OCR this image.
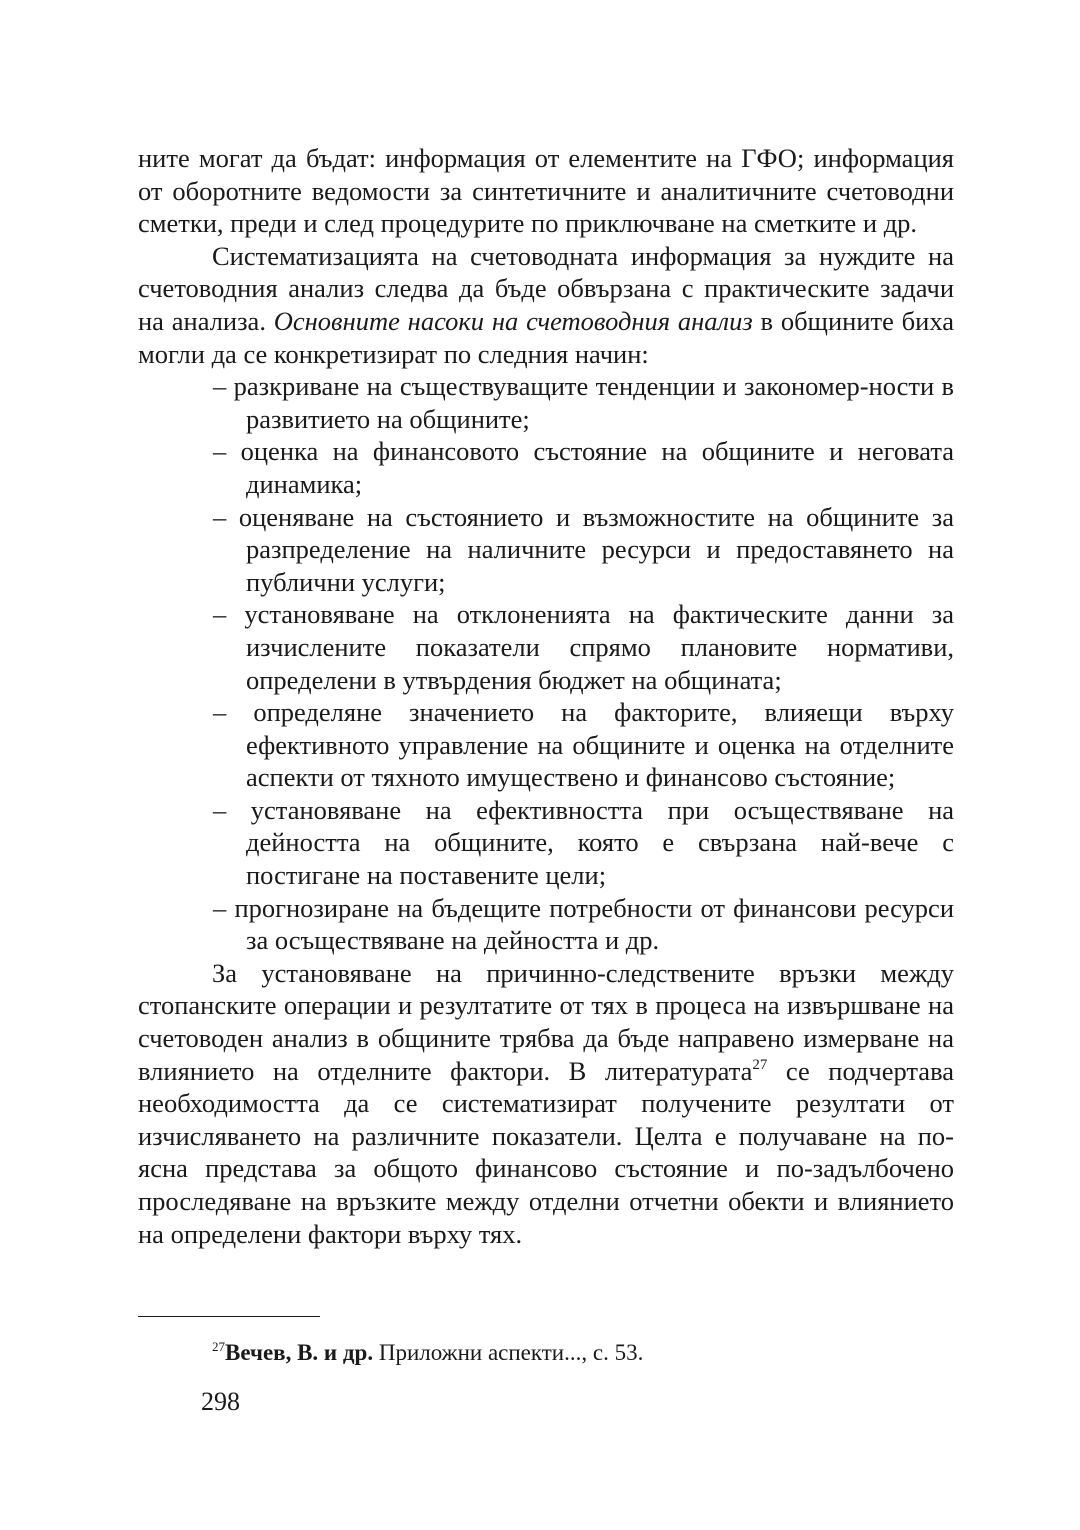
ните могат да бъдат: информация от елементите на ГФО; информация от оборотните ведомости за синтетичните и аналитичните счетоводни сметки, преди и след процедурите по приключване на сметките и др.

Систематизацията на счетоводната информация за нуждите на счетоводния анализ следва да бъде обвързана с практическите задачи на анализа. Основните насоки на счетоводния анализ в общините биха могли да се конкретизират по следния начин:

– разкриване на съществуващите тенденции и закономер-ности в развитието на общините;
– оценка на финансовото състояние на общините и неговата динамика;
– оценяване на състоянието и възможностите на общините за разпределение на наличните ресурси и предоставянето на публични услуги;
– установяване на отклоненията на фактическите данни за изчислените показатели спрямо плановите нормативи, определени в утвърдения бюджет на общината;
– определяне значението на факторите, влияещи върху ефективното управление на общините и оценка на отделните аспекти от тяхното имуществено и финансово състояние;
– установяване на ефективността при осъществяване на дейността на общините, която е свързана най-вече с постигане на поставените цели;
– прогнозиране на бъдещите потребности от финансови ресурси за осъществяване на дейността и др.

За установяване на причинно-следствените връзки между стопанските операции и резултатите от тях в процеса на извършване на счетоводен анализ в общините трябва да бъде направено измерване на влиянието на отделните фактори. В литературата$^{27}$ се подчертава необходимостта да се систематизират получените резултати от изчисляването на различните показатели. Целта е получаване на по-ясна представа за общото финансово състояние и по-задълбочено проследяване на връзките между отделни отчетни обекти и влиянието на определени фактори върху тях.

$^{27}$Вечев, В. и др. Приложни аспекти..., с. 53.
298
